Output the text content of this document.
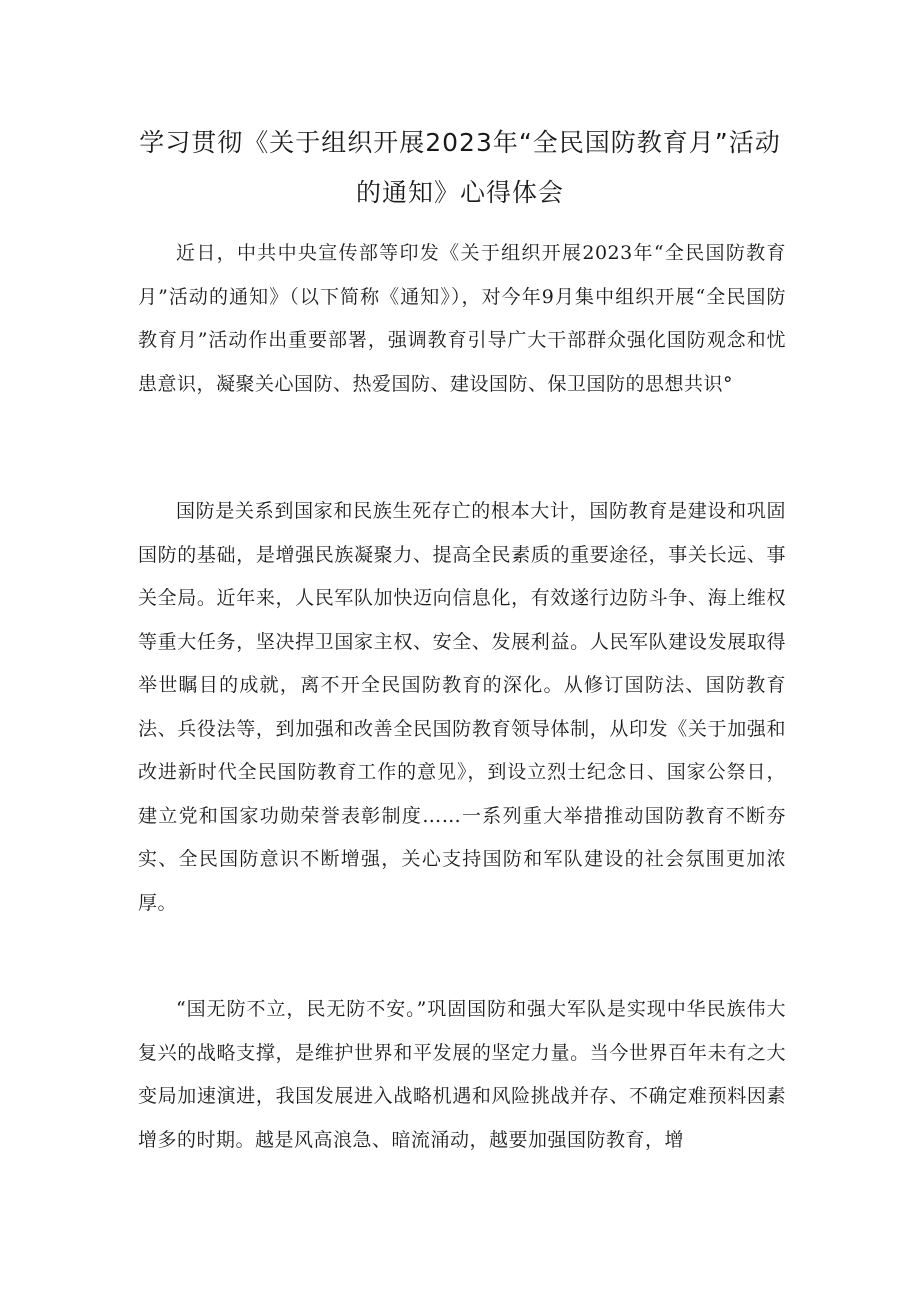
学习贯彻《关于组织开展2023年“全民国防教育月”活动
的通知》心得体会

近日，中共中央宣传部等印发《关于组织开展2023年“全民国防教育月”活动的通知》（以下简称《通知》），对今年9月集中组织开展“全民国防教育月”活动作出重要部署，强调教育引导广大干部群众强化国防观念和忧患意识，凝聚关心国防、热爱国防、建设国防、保卫国防的思想共识°

国防是关系到国家和民族生死存亡的根本大计，国防教育是建设和巩固国防的基础，是增强民族凝聚力、提高全民素质的重要途径，事关长远、事关全局。近年来，人民军队加快迈向信息化，有效遂行边防斗争、海上维权等重大任务，坚决捍卫国家主权、安全、发展利益。人民军队建设发展取得举世瞩目的成就，离不开全民国防教育的深化。从修订国防法、国防教育法、兵役法等，到加强和改善全民国防教育领导体制，从印发《关于加强和改进新时代全民国防教育工作的意见》，到设立烈士纪念日、国家公祭日，建立党和国家功勋荣誉表彰制度……一系列重大举措推动国防教育不断夯实、全民国防意识不断增强，关心支持国防和军队建设的社会氛围更加浓厚。

“国无防不立，民无防不安。”巩固国防和强大军队是实现中华民族伟大复兴的战略支撑，是维护世界和平发展的坚定力量。当今世界百年未有之大变局加速演进，我国发展进入战略机遇和风险挑战并存、不确定难预料因素增多的时期。越是风高浪急、暗流涌动，越要加强国防教育，增
